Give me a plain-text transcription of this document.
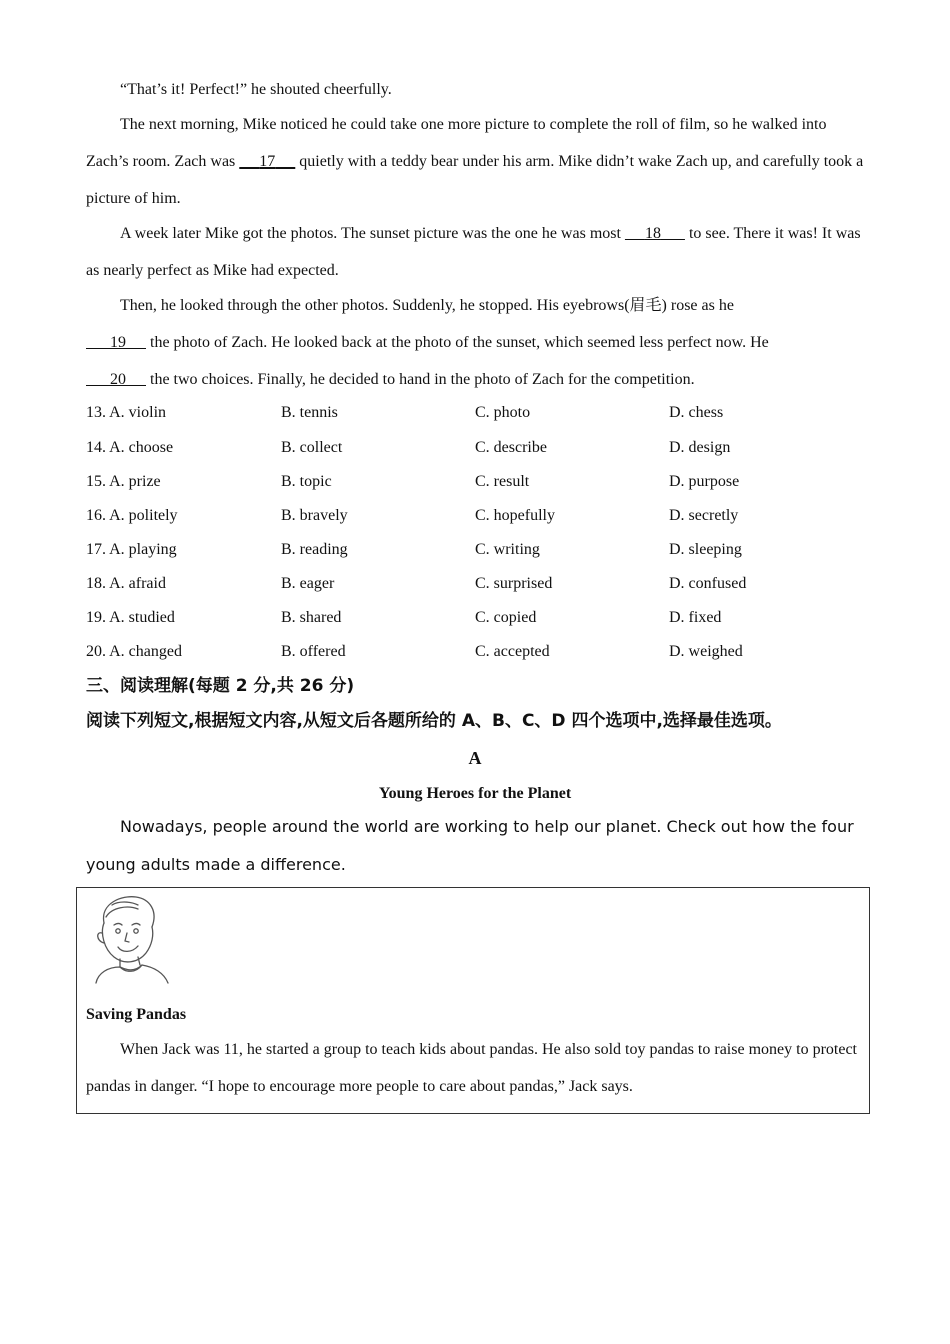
“That’s it! Perfect!” he shouted cheerfully.

The next morning, Mike noticed he could take one more picture to complete the roll of film, so he walked into Zach’s room. Zach was      17      quietly with a teddy bear under his arm. Mike didn’t wake Zach up, and carefully took a picture of him.

A week later Mike got the photos. The sunset picture was the one he was most      18       to see. There it was! It was as nearly perfect as Mike had expected.

Then, he looked through the other photos. Suddenly, he stopped. His eyebrows(眉毛) rose as he
19      the photo of Zach. He looked back at the photo of the sunset, which seemed less perfect now. He
20      the two choices. Finally, he decided to hand in the photo of Zach for the competition.

13. A. violin	B. tennis	C. photo	D. chess
14. A. choose	B. collect	C. describe	D. design
15. A. prize	B. topic	C. result	D. purpose
16. A. politely	B. bravely	C. hopefully	D. secretly
17. A. playing	B. reading	C. writing	D. sleeping
18. A. afraid	B. eager	C. surprised	D. confused
19. A. studied	B. shared	C. copied	D. fixed
20. A. changed	B. offered	C. accepted	D. weighed
三、阅读理解(每题 2 分,共 26 分)
阅读下列短文,根据短文内容,从短文后各题所给的 A、B、C、D 四个选项中,选择最佳选项。
A
Young Heroes for the Planet

Nowadays, people around the world are working to help our planet. Check out how the four young adults made a difference.

Saving Pandas

When Jack was 11, he started a group to teach kids about pandas. He also sold toy pandas to raise money to protect pandas in danger. “I hope to encourage more people to care about pandas,” Jack says.
